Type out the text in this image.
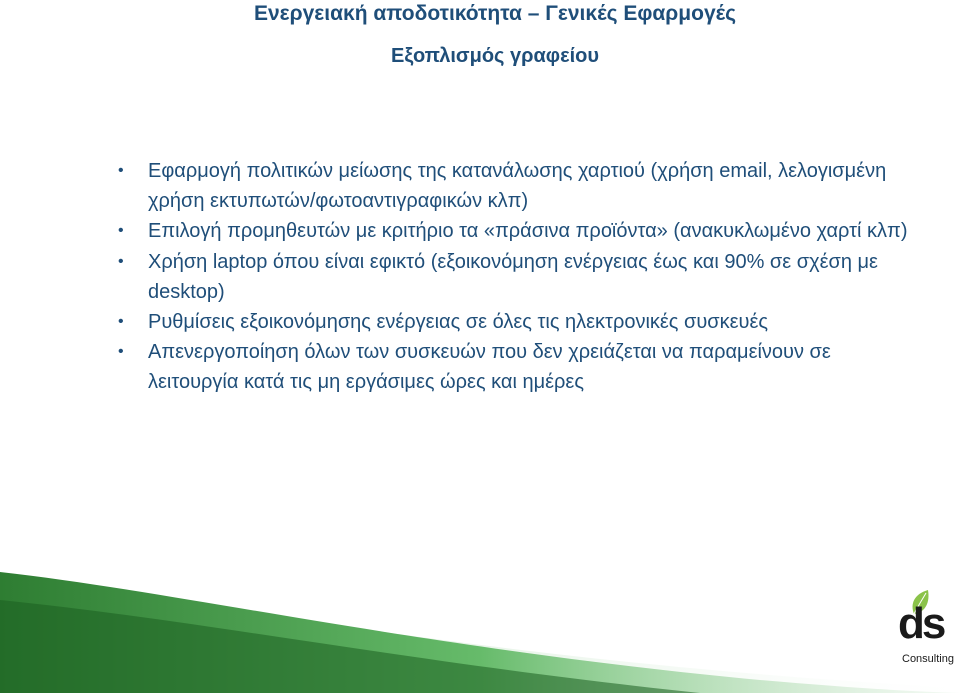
Ενεργειακή αποδοτικότητα – Γενικές Εφαρμογές
Εξοπλισμός γραφείου
• Εφαρμογή πολιτικών μείωσης της κατανάλωσης χαρτιού (χρήση email, λελογισμένη χρήση εκτυπωτών/φωτοαντιγραφικών κλπ)
• Επιλογή προμηθευτών με κριτήριο τα «πράσινα προϊόντα» (ανακυκλωμένο χαρτί κλπ)
• Χρήση laptop όπου είναι εφικτό (εξοικονόμηση ενέργειας έως και 90% σε σχέση με desktop)
• Ρυθμίσεις εξοικονόμησης ενέργειας σε όλες τις ηλεκτρονικές συσκευές
• Απενεργοποίηση όλων των συσκευών που δεν χρειάζεται να παραμείνουν σε λειτουργία κατά τις μη εργάσιμες ώρες και ημέρες
ds
Consulting
